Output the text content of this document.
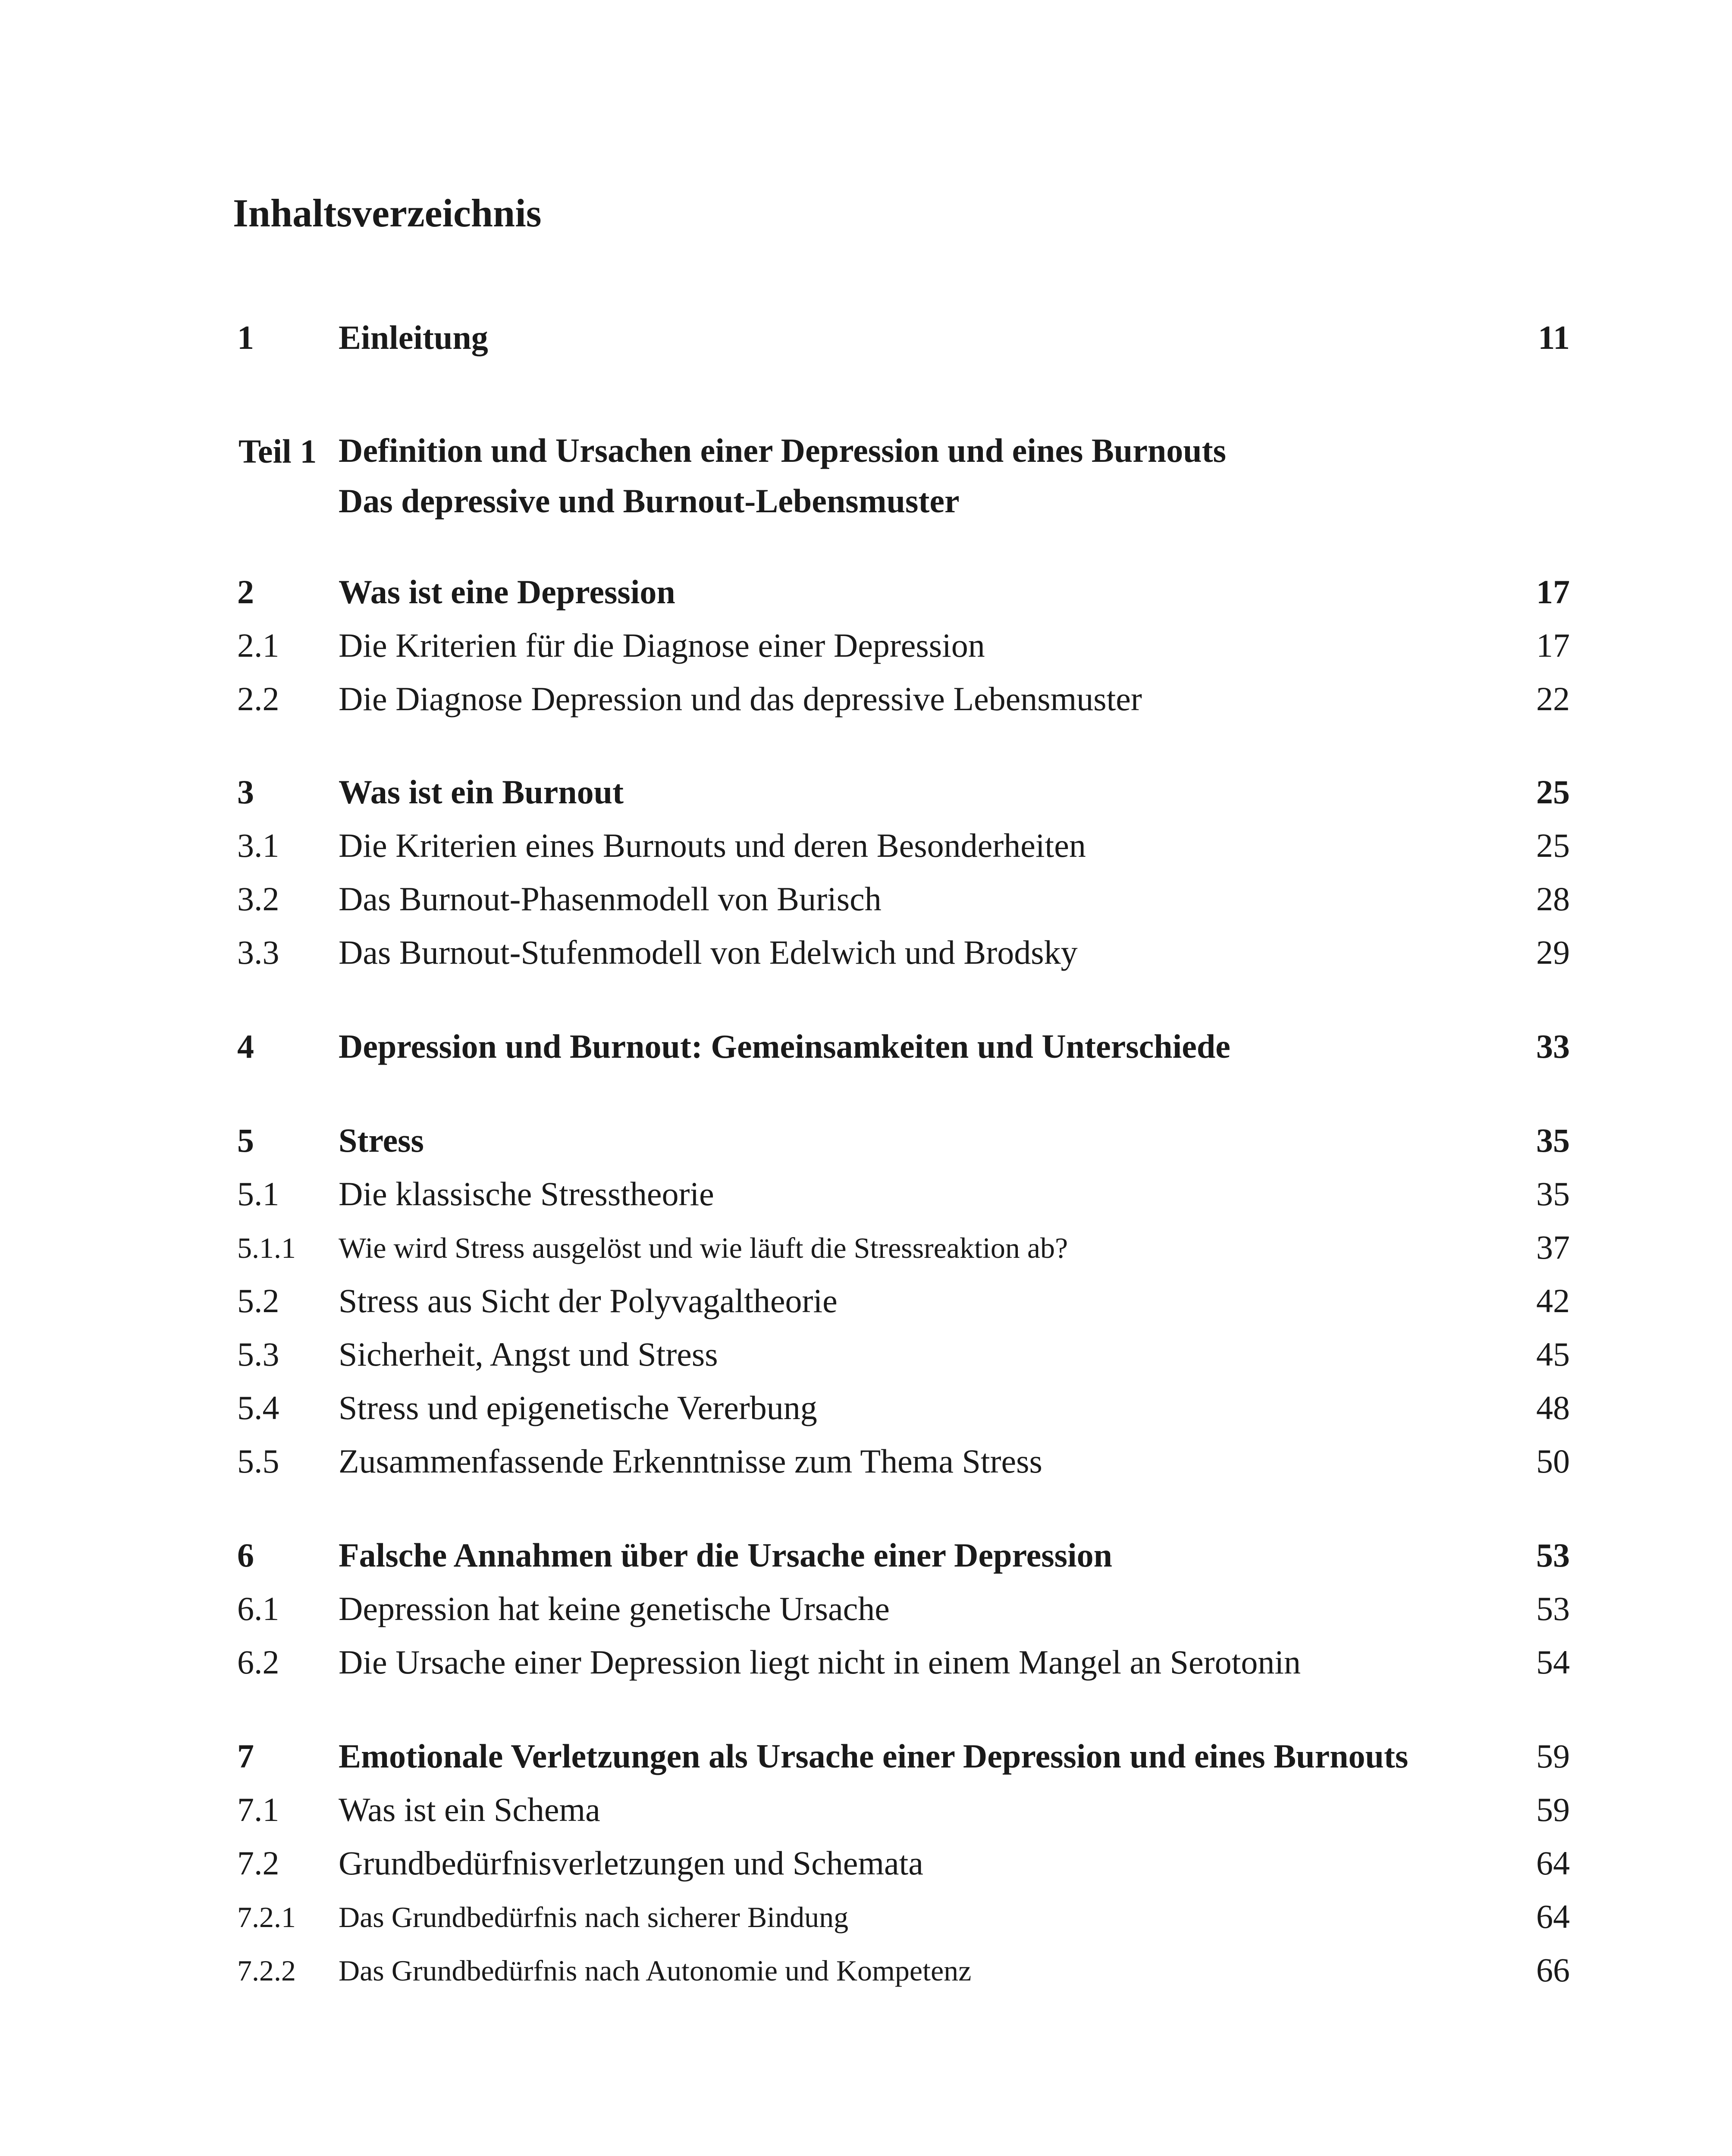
Inhaltsverzeichnis
1	Einleitung	11
Teil 1 Definition und Ursachen einer Depression und eines Burnouts
Das depressive und Burnout-Lebensmuster
2	Was ist eine Depression	17
2.1 Die Kriterien für die Diagnose einer Depression	17
2.2 Die Diagnose Depression und das depressive Lebensmuster	22
3	Was ist ein Burnout	25
3.1 Die Kriterien eines Burnouts und deren Besonderheiten	25
3.2 Das Burnout-Phasenmodell von Burisch	28
3.3 Das Burnout-Stufenmodell von Edelwich und Brodsky	29
4	Depression und Burnout: Gemeinsamkeiten und Unterschiede	33
5	Stress	35
5.1 Die klassische Stresstheorie	35
5.1.1 Wie wird Stress ausgelöst und wie läuft die Stressreaktion ab?	37
5.2 Stress aus Sicht der Polyvagaltheorie	42
5.3 Sicherheit, Angst und Stress	45
5.4 Stress und epigenetische Vererbung	48
5.5 Zusammenfassende Erkenntnisse zum Thema Stress	50
6	Falsche Annahmen über die Ursache einer Depression	53
6.1 Depression hat keine genetische Ursache	53
6.2 Die Ursache einer Depression liegt nicht in einem Mangel an Serotonin	54
7	Emotionale Verletzungen als Ursache einer Depression und eines Burnouts	59
7.1 Was ist ein Schema	59
7.2 Grundbedürfnisverletzungen und Schemata	64
7.2.1 Das Grundbedürfnis nach sicherer Bindung	64
7.2.2 Das Grundbedürfnis nach Autonomie und Kompetenz	66
